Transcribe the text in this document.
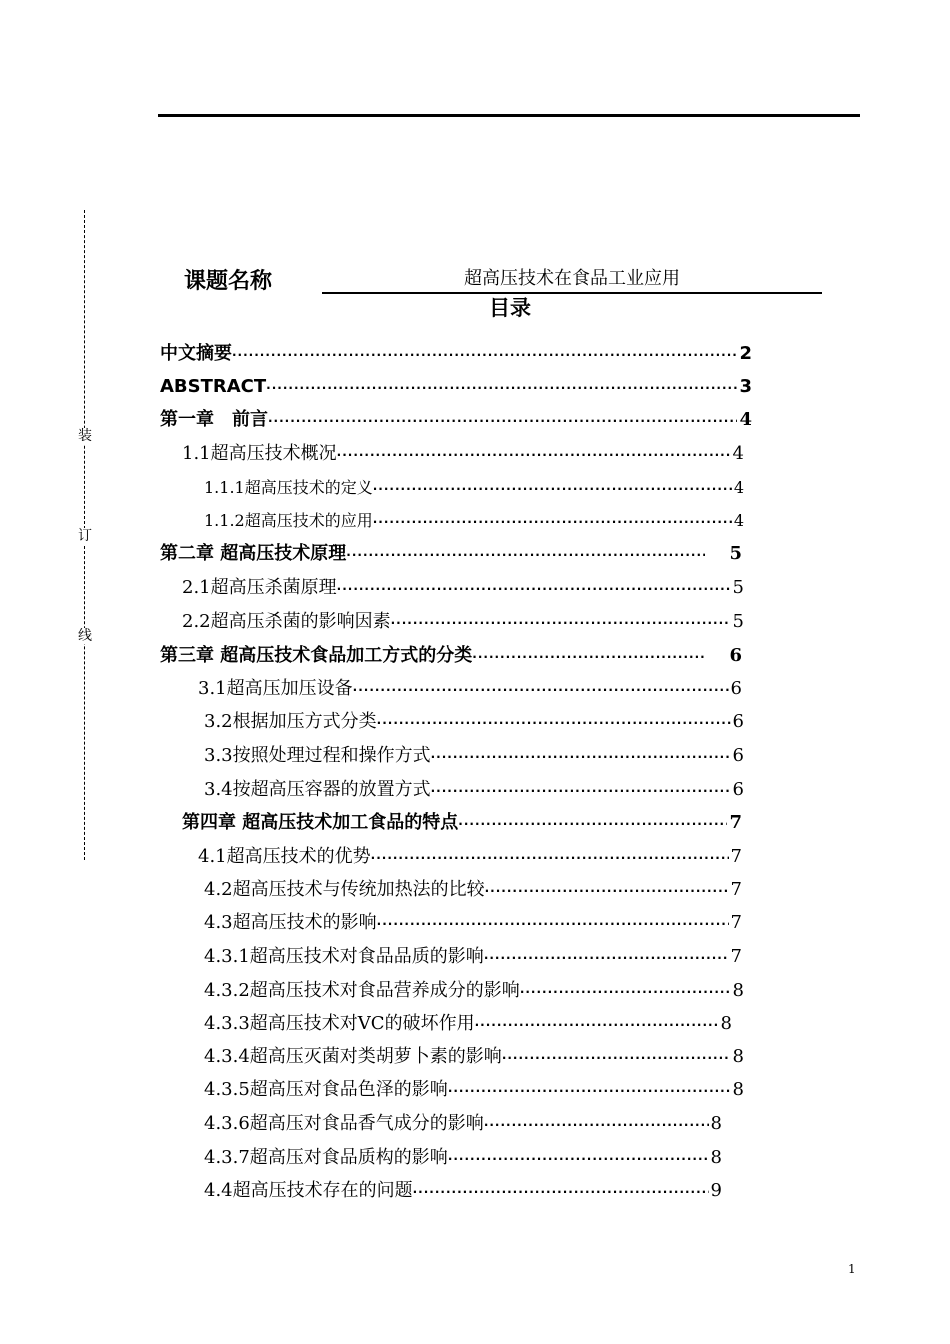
装
订
线
课题名称	超高压技术在食品工业应用
目录
中文摘要 ·····	2
ABSTRACT ·····	3
第一章　前言 ·····	4
1.1超高压技术概况 ·····	4
1.1.1超高压技术的定义 ·····	4
1.1.2超高压技术的应用 ·····	4
第二章 超高压技术原理 ·····	5
2.1超高压杀菌原理 ·····	5
2.2超高压杀菌的影响因素 ·····	5
第三章 超高压技术食品加工方式的分类 ·····	6
3.1超高压加压设备 ·····	6
3.2根据加压方式分类 ·····	6
3.3按照处理过程和操作方式 ·····	6
3.4按超高压容器的放置方式 ·····	6
第四章 超高压技术加工食品的特点 ·····	7
4.1超高压技术的优势 ·····	7
4.2超高压技术与传统加热法的比较 ·····	7
4.3超高压技术的影响 ·····	7
4.3.1超高压技术对食品品质的影响 ·····	7
4.3.2超高压技术对食品营养成分的影响 ·····	8
4.3.3超高压技术对VC的破坏作用 ·····	8
4.3.4超高压灭菌对类胡萝卜素的影响 ·····	8
4.3.5超高压对食品色泽的影响 ·····	8
4.3.6超高压对食品香气成分的影响 ·····	8
4.3.7超高压对食品质构的影响 ·····	8
4.4超高压技术存在的问题 ·····	9
1
